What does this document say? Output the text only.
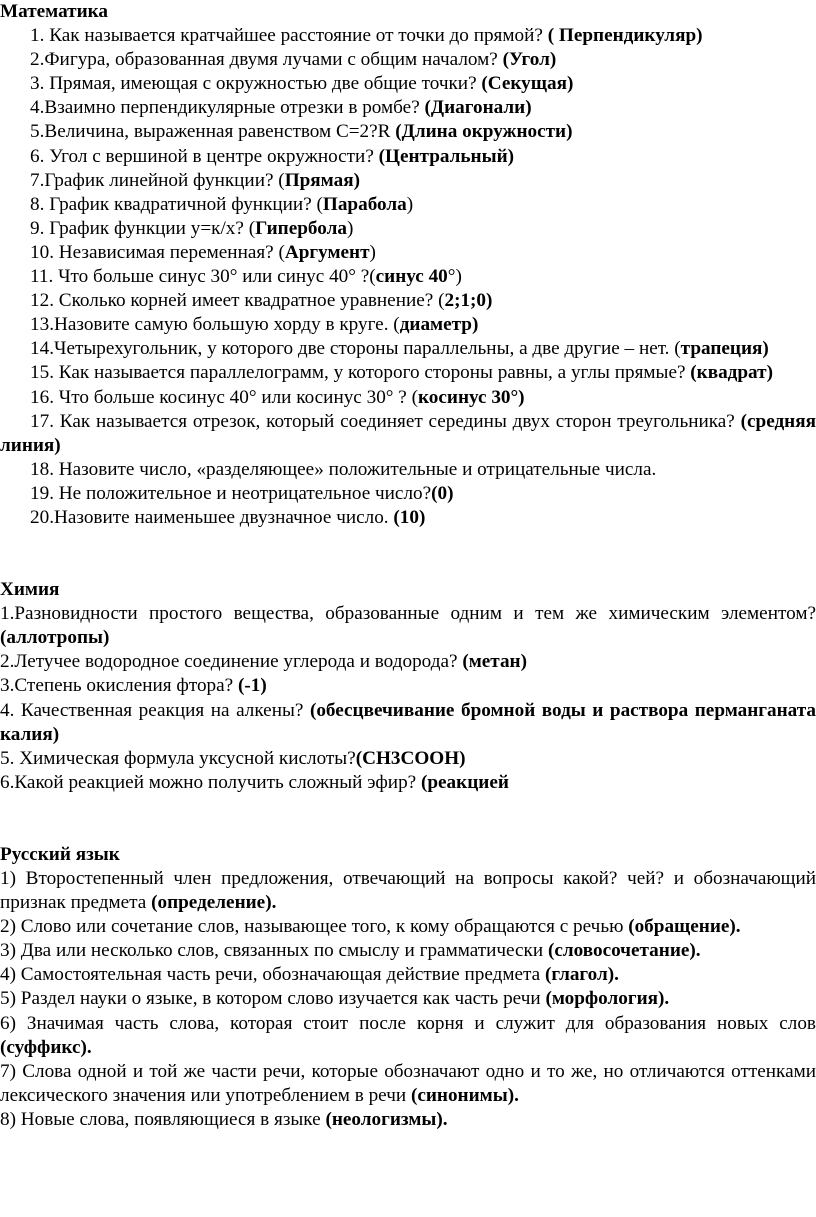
Математика

1. Как называется кратчайшее расстояние от точки до прямой? ( Перпендикуляр)

2.Фигура, образованная двумя лучами с общим началом? (Угол)

3. Прямая, имеющая с окружностью две общие точки? (Секущая)

4.Взаимно перпендикулярные отрезки в ромбе? (Диагонали)

5.Величина, выраженная равенством С=2?R (Длина окружности)

6. Угол с вершиной в центре окружности? (Центральный)

7.График линейной функции? (Прямая)

8. График квадратичной функции? (Парабола)

9. График функции у=к/х? (Гипербола)

10. Независимая переменная? (Аргумент)

11. Что больше синус 30° или синус 40° ?(синус 40°)

12. Сколько корней имеет квадратное уравнение? (2;1;0)

13.Назовите самую большую хорду в круге. (диаметр)

14.Четырехугольник, у которого две стороны параллельны, а две другие – нет. (трапеция)

15. Как называется параллелограмм, у которого стороны равны, а углы прямые? (квадрат)

16. Что больше косинус 40° или косинус 30° ? (косинус 30°)

17. Как называется отрезок, который соединяет середины двух сторон треугольника? (средняя линия)

18. Назовите число, «разделяющее» положительные и отрицательные числа.

19. Не положительное и неотрицательное число?(0)

20.Назовите наименьшее двузначное число. (10)

Химия

1.Разновидности простого вещества, образованные одним и тем же химическим элементом? (аллотропы)

2.Летучее водородное соединение углерода и водорода? (метан)

3.Степень окисления фтора? (-1)

4. Качественная реакция на алкены? (обесцвечивание бромной воды и раствора перманганата калия)

5. Химическая формула уксусной кислоты?(СН3СООН)

6.Какой реакцией можно получить сложный эфир? (реакцией

Русский язык

1) Второстепенный член предложения, отвечающий на вопросы какой? чей? и обозначающий признак предмета (определение).

2) Слово или сочетание слов, называющее того, к кому обращаются с речью (обращение).

3) Два или несколько слов, связанных по смыслу и грамматически (словосочетание).

4) Самостоятельная часть речи, обозначающая действие предмета (глагол).

5) Раздел науки о языке, в котором слово изучается как часть речи (морфология).

6) Значимая часть слова, которая стоит после корня и служит для образования новых слов (суффикс).

7) Слова одной и той же части речи, которые обозначают одно и то же, но отличаются оттенками лексического значения или употреблением в речи (синонимы).

8) Новые слова, появляющиеся в языке (неологизмы).
